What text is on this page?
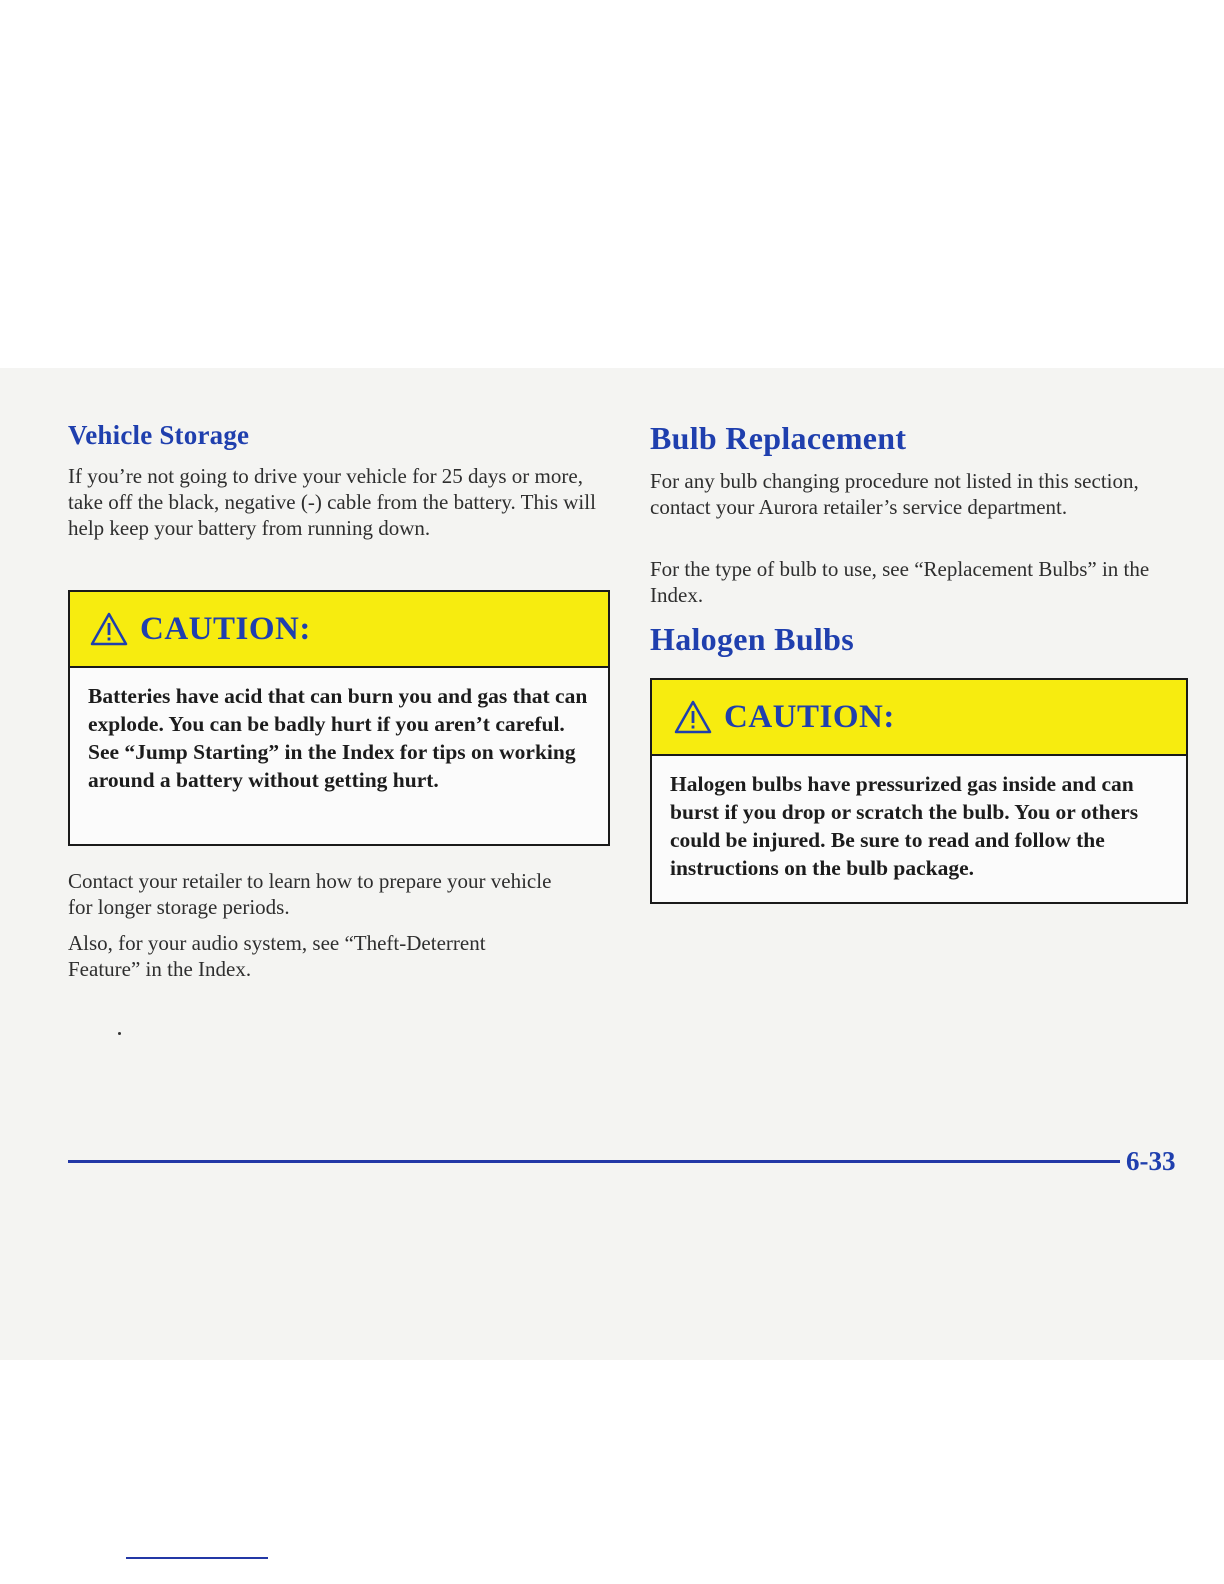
Vehicle Storage

If you’re not going to drive your vehicle for 25 days or more, take off the black, negative (-) cable from the battery. This will help keep your battery from running down.

CAUTION:

Batteries have acid that can burn you and gas that can explode. You can be badly hurt if you aren’t careful. See “Jump Starting” in the Index for tips on working around a battery without getting hurt.

Contact your retailer to learn how to prepare your vehicle for longer storage periods.

Also, for your audio system, see “Theft-Deterrent Feature” in the Index.

Bulb Replacement

For any bulb changing procedure not listed in this section, contact your Aurora retailer’s service department.

For the type of bulb to use, see “Replacement Bulbs” in the Index.

Halogen Bulbs
CAUTION:

Halogen bulbs have pressurized gas inside and can burst if you drop or scratch the bulb. You or others could be injured. Be sure to read and follow the instructions on the bulb package.

6-33
